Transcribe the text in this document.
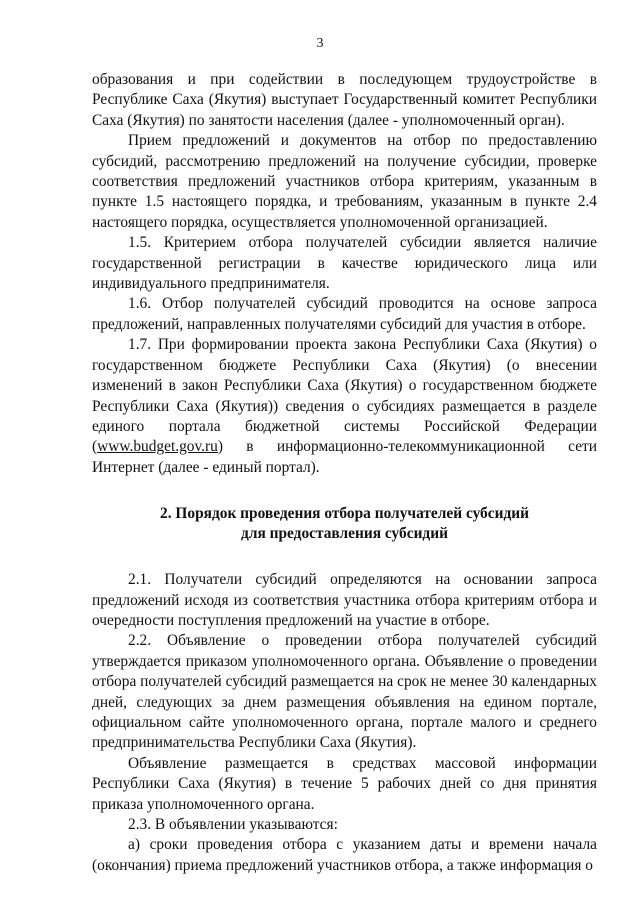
3

образования и при содействии в последующем трудоустройстве в Республике Саха (Якутия) выступает Государственный комитет Республики Саха (Якутия) по занятости населения (далее - уполномоченный орган).

Прием предложений и документов на отбор по предоставлению субсидий, рассмотрению предложений на получение субсидии, проверке соответствия предложений участников отбора критериям, указанным в пункте 1.5 настоящего порядка, и требованиям, указанным в пункте 2.4 настоящего порядка, осуществляется уполномоченной организацией.

1.5. Критерием отбора получателей субсидии является наличие государственной регистрации в качестве юридического лица или индивидуального предпринимателя.

1.6. Отбор получателей субсидий проводится на основе запроса предложений, направленных получателями субсидий для участия в отборе.

1.7. При формировании проекта закона Республики Саха (Якутия) о государственном бюджете Республики Саха (Якутия) (о внесении изменений в закон Республики Саха (Якутия) о государственном бюджете Республики Саха (Якутия)) сведения о субсидиях размещается в разделе единого портала бюджетной системы Российской Федерации (www.budget.gov.ru) в информационно-телекоммуникационной сети Интернет (далее - единый портал).

2. Порядок проведения отбора получателей субсидий
для предоставления субсидий

2.1. Получатели субсидий определяются на основании запроса предложений исходя из соответствия участника отбора критериям отбора и очередности поступления предложений на участие в отборе.

2.2. Объявление о проведении отбора получателей субсидий утверждается приказом уполномоченного органа. Объявление о проведении отбора получателей субсидий размещается на срок не менее 30 календарных дней, следующих за днем размещения объявления на едином портале, официальном сайте уполномоченного органа, портале малого и среднего предпринимательства Республики Саха (Якутия).

Объявление размещается в средствах массовой информации Республики Саха (Якутия) в течение 5 рабочих дней со дня принятия приказа уполномоченного органа.

2.3. В объявлении указываются:

а) сроки проведения отбора с указанием даты и времени начала (окончания) приема предложений участников отбора, а также информация о
